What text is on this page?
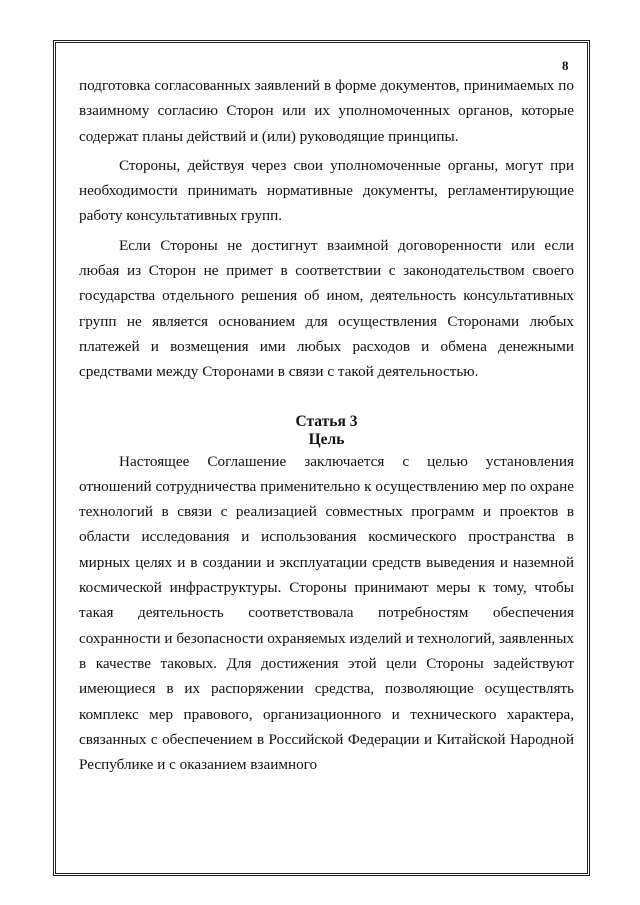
8

подготовка согласованных заявлений в форме документов, принимаемых по взаимному согласию Сторон или их уполномоченных органов, которые содержат планы действий и (или) руководящие принципы.

Стороны, действуя через свои уполномоченные органы, могут при необходимости принимать нормативные документы, регламентирующие работу консультативных групп.

Если Стороны не достигнут взаимной договоренности или если любая из Сторон не примет в соответствии с законодательством своего государства отдельного решения об ином, деятельность консультативных групп не является основанием для осуществления Сторонами любых платежей и возмещения ими любых расходов и обмена денежными средствами между Сторонами в связи с такой деятельностью.

Статья 3
Цель

Настоящее Соглашение заключается с целью установления отношений сотрудничества применительно к осуществлению мер по охране технологий в связи с реализацией совместных программ и проектов в области исследования и использования космического пространства в мирных целях и в создании и эксплуатации средств выведения и наземной космической инфраструктуры. Стороны принимают меры к тому, чтобы такая деятельность соответствовала потребностям обеспечения сохранности и безопасности охраняемых изделий и технологий, заявленных в качестве таковых. Для достижения этой цели Стороны задействуют имеющиеся в их распоряжении средства, позволяющие осуществлять комплекс мер правового, организационного и технического характера, связанных с обеспечением в Российской Федерации и Китайской Народной Республике и с оказанием взаимного
